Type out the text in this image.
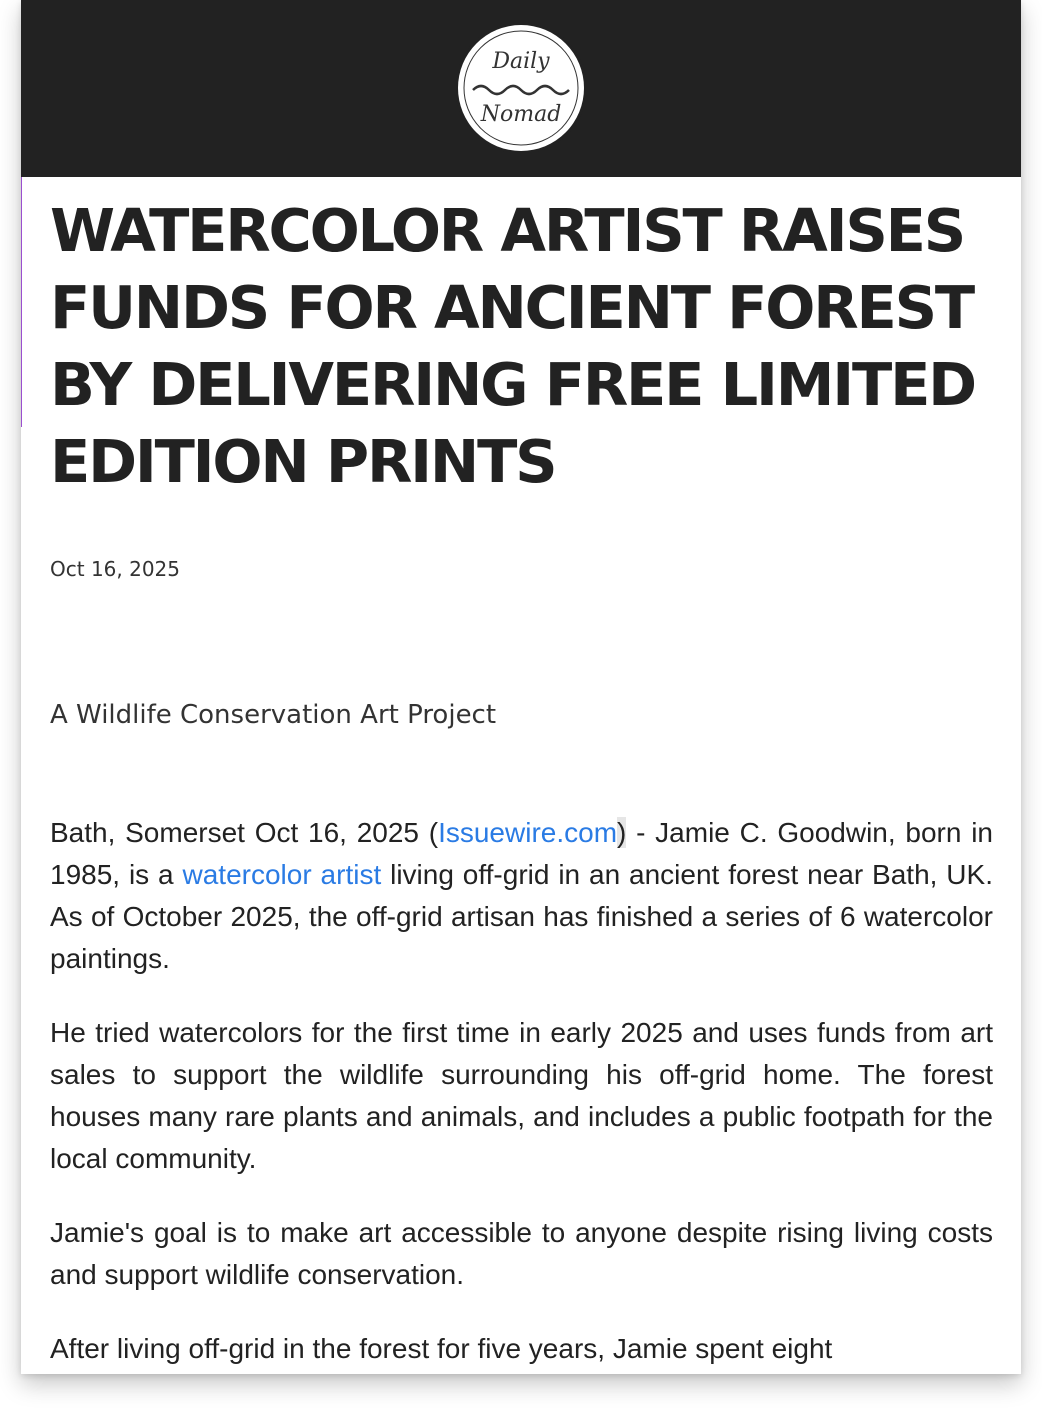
Daily
Nomad
WATERCOLOR ARTIST RAISES FUNDS FOR ANCIENT FOREST BY DELIVERING FREE LIMITED EDITION PRINTS
Oct 16, 2025
A Wildlife Conservation Art Project

Bath, Somerset Oct 16, 2025 (Issuewire.com) - Jamie C. Goodwin, born in 1985, is a watercolor artist living off-grid in an ancient forest near Bath, UK. As of October 2025, the off-grid artisan has finished a series of 6 watercolor paintings.

He tried watercolors for the first time in early 2025 and uses funds from art sales to support the wildlife surrounding his off-grid home. The forest houses many rare plants and animals, and includes a public footpath for the local community.

Jamie's goal is to make art accessible to anyone despite rising living costs and support wildlife conservation.

After living off-grid in the forest for five years, Jamie spent eight
